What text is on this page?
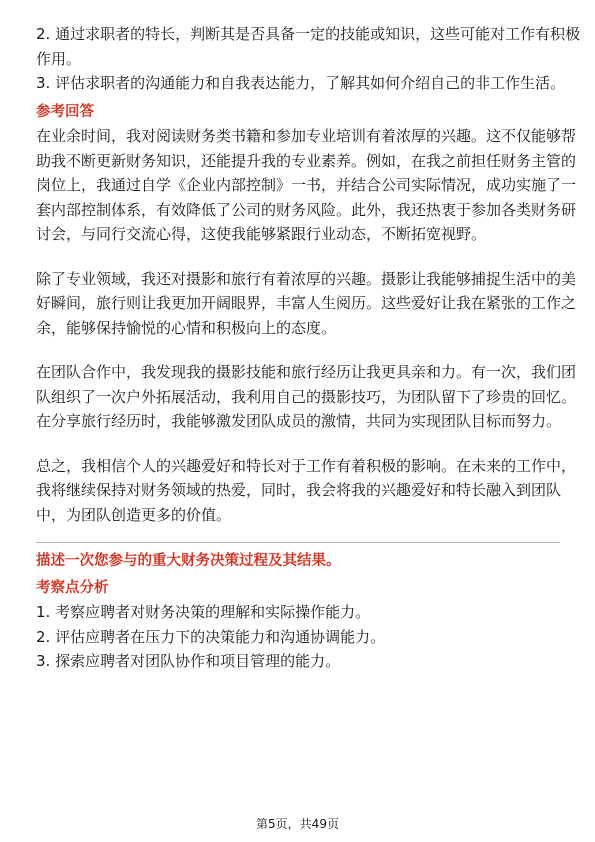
2. 通过求职者的特长，判断其是否具备一定的技能或知识，这些可能对工作有积极

作用。

3. 评估求职者的沟通能力和自我表达能力，了解其如何介绍自己的非工作生活。

参考回答

在业余时间，我对阅读财务类书籍和参加专业培训有着浓厚的兴趣。这不仅能够帮

助我不断更新财务知识，还能提升我的专业素养。例如，在我之前担任财务主管的

岗位上，我通过自学《企业内部控制》一书，并结合公司实际情况，成功实施了一

套内部控制体系，有效降低了公司的财务风险。此外，我还热衷于参加各类财务研

讨会，与同行交流心得，这使我能够紧跟行业动态，不断拓宽视野。

除了专业领域，我还对摄影和旅行有着浓厚的兴趣。摄影让我能够捕捉生活中的美

好瞬间，旅行则让我更加开阔眼界，丰富人生阅历。这些爱好让我在紧张的工作之

余，能够保持愉悦的心情和积极向上的态度。

在团队合作中，我发现我的摄影技能和旅行经历让我更具亲和力。有一次，我们团

队组织了一次户外拓展活动，我利用自己的摄影技巧，为团队留下了珍贵的回忆。

在分享旅行经历时，我能够激发团队成员的激情，共同为实现团队目标而努力。

总之，我相信个人的兴趣爱好和特长对于工作有着积极的影响。在未来的工作中，

我将继续保持对财务领域的热爱，同时，我会将我的兴趣爱好和特长融入到团队

中，为团队创造更多的价值。

描述一次您参与的重大财务决策过程及其结果。

考察点分析

1. 考察应聘者对财务决策的理解和实际操作能力。

2. 评估应聘者在压力下的决策能力和沟通协调能力。

3. 探索应聘者对团队协作和项目管理的能力。

第5页，共49页
